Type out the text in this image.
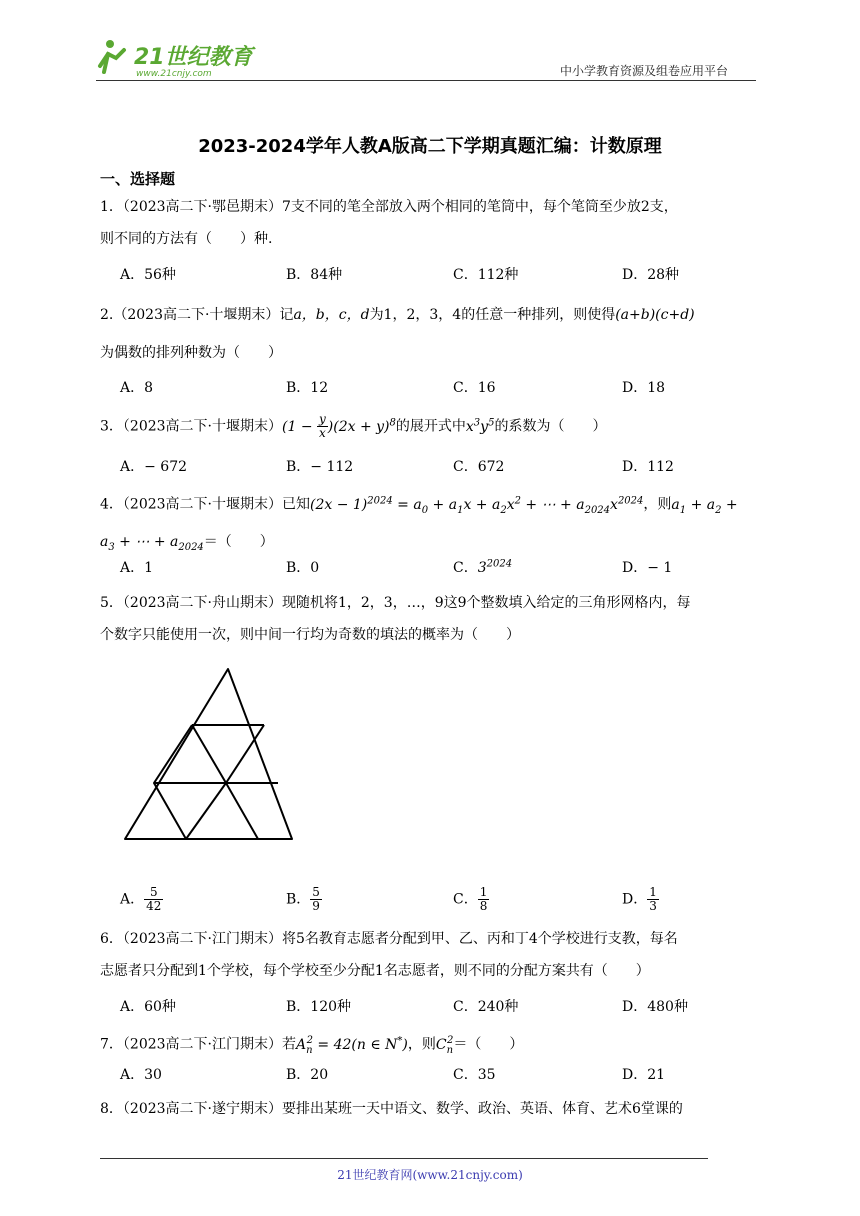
21世纪教育
www.21cnjy.com	中小学教育资源及组卷应用平台
2023-2024学年人教A版高二下学期真题汇编：计数原理
一、选择题
1．（2023高二下·鄂邑期末）7支不同的笔全部放入两个相同的笔筒中，每个笔筒至少放2支，
则不同的方法有（　　）种.
A．56种	B．84种	C．112种	D．28种
2.（2023高二下·十堰期末）记a，b，c，d为1，2，3，4的任意一种排列，则使得(a+b)(c+d)
为偶数的排列种数为（　　）
A．8	B．12	C．16	D．18
3．（2023高二下·十堰期末）$(1 - \frac{y}{x} )(2x + y)^8$的展开式中$x^3y^5$的系数为（　　）
A．− 672	B．− 112	C．672	D．112
4．（2023高二下·十堰期末）已知$(2x - 1)^{2024} = a_0 + a_1x + a_2x^2$ + ⋯ + $a_{2024}x^{2024}$，则$a_1 + a_2$ +
$a_3$ + ⋯ + $a_{2024}=$（　　）
A．1	B．0	C．$3^{2024}$	D．− 1
5．（2023高二下·舟山期末）现随机将1，2，3，…，9这9个整数填入给定的三角形网格内，每
个数字只能使用一次，则中间一行均为奇数的填法的概率为（　　）
A． $\frac{5}{42}$	B． $\frac{5}{9}$	C． $\frac{1}{8}$	D． $\frac{1}{3}$
6．（2023高二下·江门期末）将5名教育志愿者分配到甲、乙、丙和丁4个学校进行支教，每名
志愿者只分配到1个学校，每个学校至少分配1名志愿者，则不同的分配方案共有（　　）
A．60种	B．120种	C．240种	D．480种
7．（2023高二下·江门期末）若$A_n^2 = 42(n$ ∈ N*)，则$C_n^2=$（　　）
A．30	B．20	C．35	D．21
8．（2023高二下·遂宁期末）要排出某班一天中语文、数学、政治、英语、体育、艺术6堂课的
21世纪教育网(www.21cnjy.com)
